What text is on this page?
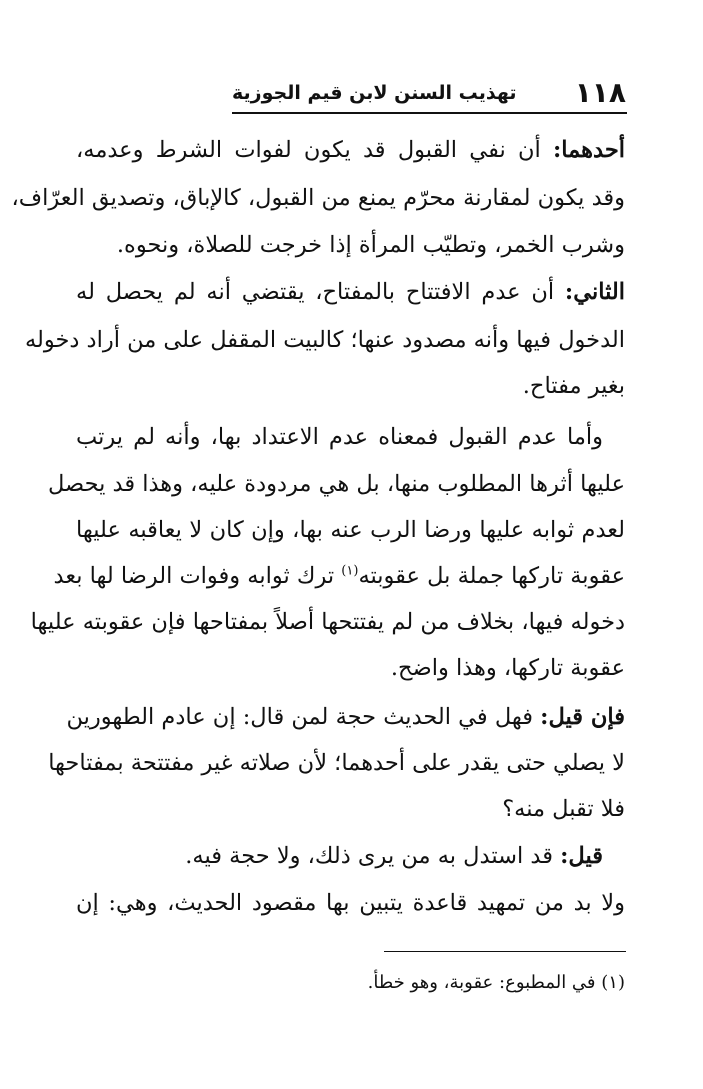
١١٨
تهذيب السنن لابن قيم الجوزية
أحدهما: أن نفي القبول قد يكون لفوات الشرط وعدمه،
وقد يكون لمقارنة محرّم يمنع من القبول، كالإباق، وتصديق العرّاف،
وشرب الخمر، وتطيّب المرأة إذا خرجت للصلاة، ونحوه.
الثاني: أن عدم الافتتاح بالمفتاح، يقتضي أنه لم يحصل له
الدخول فيها وأنه مصدود عنها؛ كالبيت المقفل على من أراد دخوله
بغير مفتاح.
وأما عدم القبول فمعناه عدم الاعتداد بها، وأنه لم يرتب
عليها أثرها المطلوب منها، بل هي مردودة عليه، وهذا قد يحصل
لعدم ثوابه عليها ورضا الرب عنه بها، وإن كان لا يعاقبه عليها
عقوبة تاركها جملة بل عقوبته$^{(١)}$ ترك ثوابه وفوات الرضا لها بعد
دخوله فيها، بخلاف من لم يفتتحها أصلاً بمفتاحها فإن عقوبته عليها
عقوبة تاركها، وهذا واضح.
فإن قيل: فهل في الحديث حجة لمن قال: إن عادم الطهورين
لا يصلي حتى يقدر على أحدهما؛ لأن صلاته غير مفتتحة بمفتاحها
فلا تقبل منه؟
قيل: قد استدل به من يرى ذلك، ولا حجة فيه.
ولا بد من تمهيد قاعدة يتبين بها مقصود الحديث، وهي: إن
(١) في المطبوع: عقوبة، وهو خطأ.
